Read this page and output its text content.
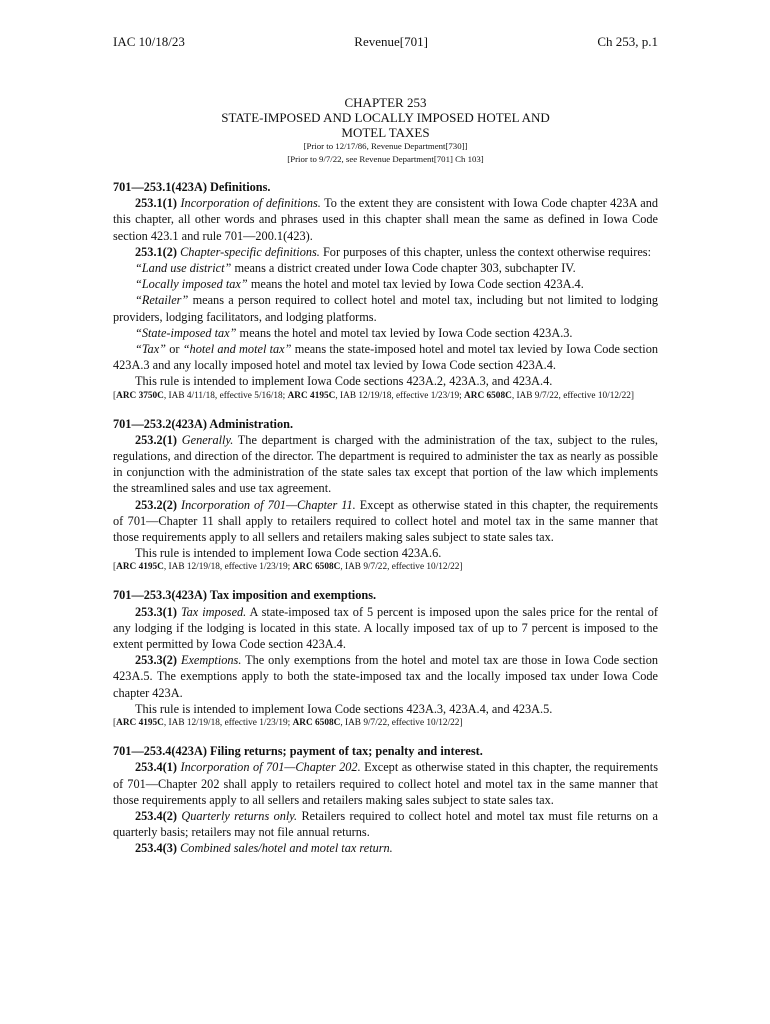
IAC 10/18/23	Revenue[701]	Ch 253, p.1
CHAPTER 253
STATE-IMPOSED AND LOCALLY IMPOSED HOTEL AND MOTEL TAXES
[Prior to 12/17/86, Revenue Department[730]]
[Prior to 9/7/22, see Revenue Department[701] Ch 103]
701—253.1(423A) Definitions.

253.1(1) Incorporation of definitions. To the extent they are consistent with Iowa Code chapter 423A and this chapter, all other words and phrases used in this chapter shall mean the same as defined in Iowa Code section 423.1 and rule 701—200.1(423).

253.1(2) Chapter-specific definitions. For purposes of this chapter, unless the context otherwise requires:

“Land use district” means a district created under Iowa Code chapter 303, subchapter IV.

“Locally imposed tax” means the hotel and motel tax levied by Iowa Code section 423A.4.

“Retailer” means a person required to collect hotel and motel tax, including but not limited to lodging providers, lodging facilitators, and lodging platforms.

“State-imposed tax” means the hotel and motel tax levied by Iowa Code section 423A.3.

“Tax” or “hotel and motel tax” means the state-imposed hotel and motel tax levied by Iowa Code section 423A.3 and any locally imposed hotel and motel tax levied by Iowa Code section 423A.4.

This rule is intended to implement Iowa Code sections 423A.2, 423A.3, and 423A.4.

[ARC 3750C, IAB 4/11/18, effective 5/16/18; ARC 4195C, IAB 12/19/18, effective 1/23/19; ARC 6508C, IAB 9/7/22, effective 10/12/22]

701—253.2(423A) Administration.

253.2(1) Generally. The department is charged with the administration of the tax, subject to the rules, regulations, and direction of the director. The department is required to administer the tax as nearly as possible in conjunction with the administration of the state sales tax except that portion of the law which implements the streamlined sales and use tax agreement.

253.2(2) Incorporation of 701—Chapter 11. Except as otherwise stated in this chapter, the requirements of 701—Chapter 11 shall apply to retailers required to collect hotel and motel tax in the same manner that those requirements apply to all sellers and retailers making sales subject to state sales tax.

This rule is intended to implement Iowa Code section 423A.6.

[ARC 4195C, IAB 12/19/18, effective 1/23/19; ARC 6508C, IAB 9/7/22, effective 10/12/22]

701—253.3(423A) Tax imposition and exemptions.

253.3(1) Tax imposed. A state-imposed tax of 5 percent is imposed upon the sales price for the rental of any lodging if the lodging is located in this state. A locally imposed tax of up to 7 percent is imposed to the extent permitted by Iowa Code section 423A.4.

253.3(2) Exemptions. The only exemptions from the hotel and motel tax are those in Iowa Code section 423A.5. The exemptions apply to both the state-imposed tax and the locally imposed tax under Iowa Code chapter 423A.

This rule is intended to implement Iowa Code sections 423A.3, 423A.4, and 423A.5.

[ARC 4195C, IAB 12/19/18, effective 1/23/19; ARC 6508C, IAB 9/7/22, effective 10/12/22]

701—253.4(423A) Filing returns; payment of tax; penalty and interest.

253.4(1) Incorporation of 701—Chapter 202. Except as otherwise stated in this chapter, the requirements of 701—Chapter 202 shall apply to retailers required to collect hotel and motel tax in the same manner that those requirements apply to all sellers and retailers making sales subject to state sales tax.

253.4(2) Quarterly returns only. Retailers required to collect hotel and motel tax must file returns on a quarterly basis; retailers may not file annual returns.

253.4(3) Combined sales/hotel and motel tax return.
